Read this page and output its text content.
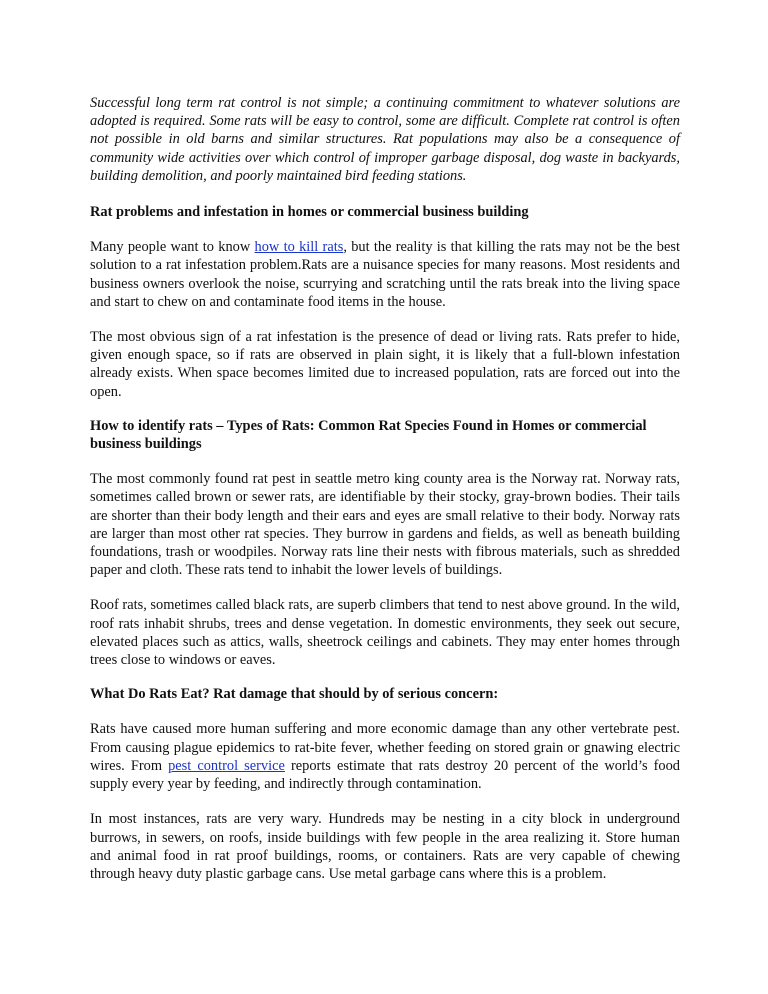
Successful long term rat control is not simple; a continuing commitment to whatever solutions are adopted is required. Some rats will be easy to control, some are difficult. Complete rat control is often not possible in old barns and similar structures. Rat populations may also be a consequence of community wide activities over which control of improper garbage disposal, dog waste in backyards, building demolition, and poorly maintained bird feeding stations.

Rat problems and infestation in homes or commercial business building

Many people want to know how to kill rats, but the reality is that killing the rats may not be the best solution to a rat infestation problem.Rats are a nuisance species for many reasons. Most residents and business owners overlook the noise, scurrying and scratching until the rats break into the living space and start to chew on and contaminate food items in the house.

The most obvious sign of a rat infestation is the presence of dead or living rats. Rats prefer to hide, given enough space, so if rats are observed in plain sight, it is likely that a full-blown infestation already exists. When space becomes limited due to increased population, rats are forced out into the open.

How to identify rats – Types of Rats: Common Rat Species Found in Homes or commercial business buildings

The most commonly found rat pest in seattle metro king county area is the Norway rat. Norway rats, sometimes called brown or sewer rats, are identifiable by their stocky, gray-brown bodies. Their tails are shorter than their body length and their ears and eyes are small relative to their body. Norway rats are larger than most other rat species. They burrow in gardens and fields, as well as beneath building foundations, trash or woodpiles. Norway rats line their nests with fibrous materials, such as shredded paper and cloth. These rats tend to inhabit the lower levels of buildings.

Roof rats, sometimes called black rats, are superb climbers that tend to nest above ground. In the wild, roof rats inhabit shrubs, trees and dense vegetation. In domestic environments, they seek out secure, elevated places such as attics, walls, sheetrock ceilings and cabinets. They may enter homes through trees close to windows or eaves.

What Do Rats Eat? Rat damage that should by of serious concern:

Rats have caused more human suffering and more economic damage than any other vertebrate pest. From causing plague epidemics to rat-bite fever, whether feeding on stored grain or gnawing electric wires. From pest control service reports estimate that rats destroy 20 percent of the world’s food supply every year by feeding, and indirectly through contamination.

In most instances, rats are very wary. Hundreds may be nesting in a city block in underground burrows, in sewers, on roofs, inside buildings with few people in the area realizing it. Store human and animal food in rat proof buildings, rooms, or containers. Rats are very capable of chewing through heavy duty plastic garbage cans. Use metal garbage cans where this is a problem.
